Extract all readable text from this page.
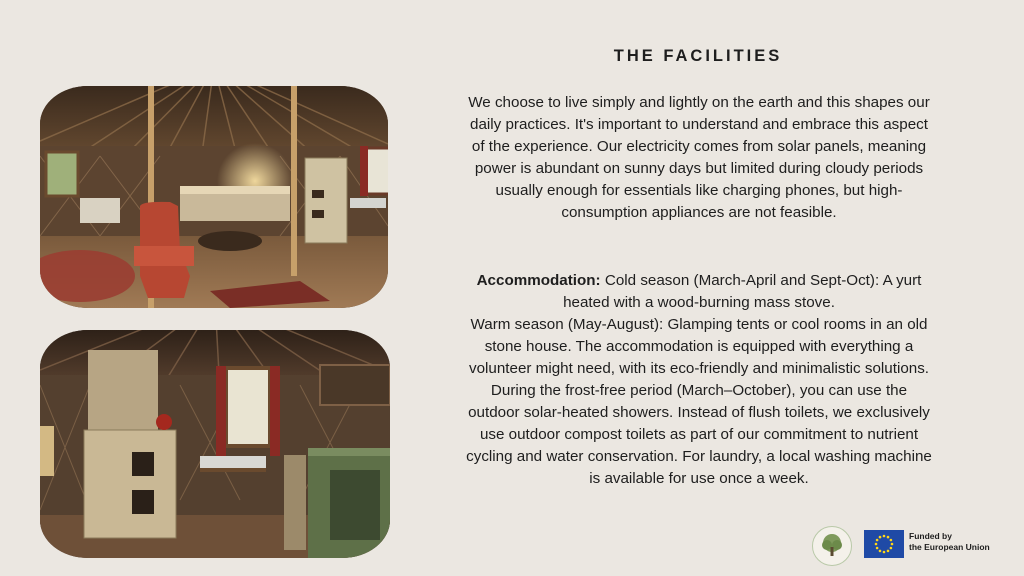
THE FACILITIES
We choose to live simply and lightly on the earth and this shapes our daily practices. It's important to understand and embrace this aspect of the experience. Our electricity comes from solar panels, meaning power is abundant on sunny days but limited during cloudy periods usually enough for essentials like charging phones, but high-consumption appliances are not feasible.
Accommodation: Cold season (March-April and Sept-Oct): A yurt heated with a wood-burning mass stove.
Warm season (May-August): Glamping tents or cool rooms in an old stone house. The accommodation is equipped with everything a volunteer might need, with its eco-friendly and minimalistic solutions. During the frost-free period (March–October), you can use the outdoor solar-heated showers. Instead of flush toilets, we exclusively use outdoor compost toilets as part of our commitment to nutrient cycling and water conservation. For laundry, a local washing machine is available for use once a week.
Funded by
the European Union
